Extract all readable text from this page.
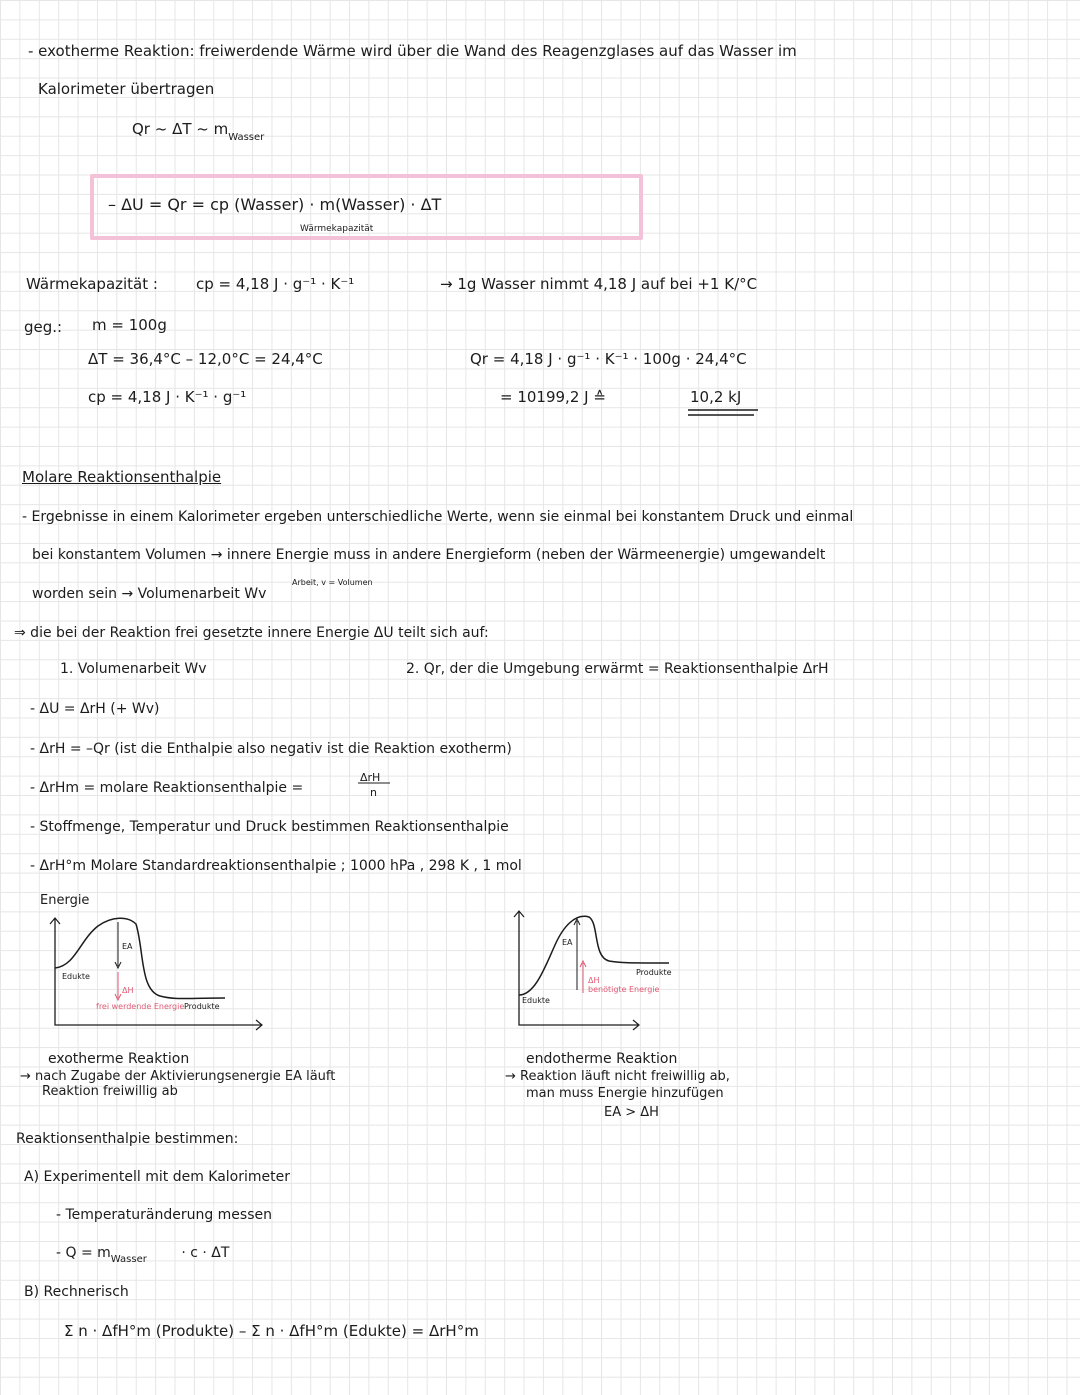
- exotherme Reaktion: freiwerdende Wärme wird über die Wand des Reagenzglases auf das Wasser im
Kalorimeter übertragen
Qr ~ ΔT ~ $m_{Wasser}$
– ΔU = Qr = cp (Wasser) · m(Wasser) · ΔT
Wärmekapazität
Wärmekapazität :	cp = 4,18 J · g⁻¹ · K⁻¹	→ 1g Wasser nimmt 4,18 J auf bei +1 K/°C
geg.: m = 100g
ΔT = 36,4°C – 12,0°C = 24,4°C
cp = 4,18 J · K⁻¹ · g⁻¹
Qr = 4,18 J · g⁻¹ · K⁻¹ · 100g · 24,4°C
= 10199,2 J ≙	10,2 kJ
Molare Reaktionsenthalpie
- Ergebnisse in einem Kalorimeter ergeben unterschiedliche Werte, wenn sie einmal bei konstantem Druck und einmal
bei konstantem Volumen → innere Energie muss in andere Energieform (neben der Wärmeenergie) umgewandelt
worden sein → Volumenarbeit Wv
Arbeit, v = Volumen
⇒ die bei der Reaktion frei gesetzte innere Energie ΔU teilt sich auf:
1. Volumenarbeit Wv	2. Qr, der die Umgebung erwärmt = Reaktionsenthalpie ΔrH
- ΔU = ΔrH (+ Wv)
- ΔrH = –Qr (ist die Enthalpie also negativ ist die Reaktion exotherm)
- ΔrHm = molare Reaktionsenthalpie =
ΔrH
n
- Stoffmenge, Temperatur und Druck bestimmen Reaktionsenthalpie
- ΔrH°m Molare Standardreaktionsenthalpie ; 1000 hPa , 298 K , 1 mol
Energie
EA
Edukte
Produkte
ΔH
frei werdende Energie
exotherme Reaktion
→ nach Zugabe der Aktivierungsenergie EA läuft
Reaktion freiwillig ab
EA
Edukte
Produkte
ΔH
benötigte Energie
endotherme Reaktion
→ Reaktion läuft nicht freiwillig ab,
man muss Energie hinzufügen
EA > ΔH
Reaktionsenthalpie bestimmen:
A) Experimentell mit dem Kalorimeter
- Temperaturänderung messen
- $Q = m_{Wasser} \cdot c \cdot \Delta T$
B) Rechnerisch
Σ n · ΔfH°m (Produkte) – Σ n · ΔfH°m (Edukte) = ΔrH°m
